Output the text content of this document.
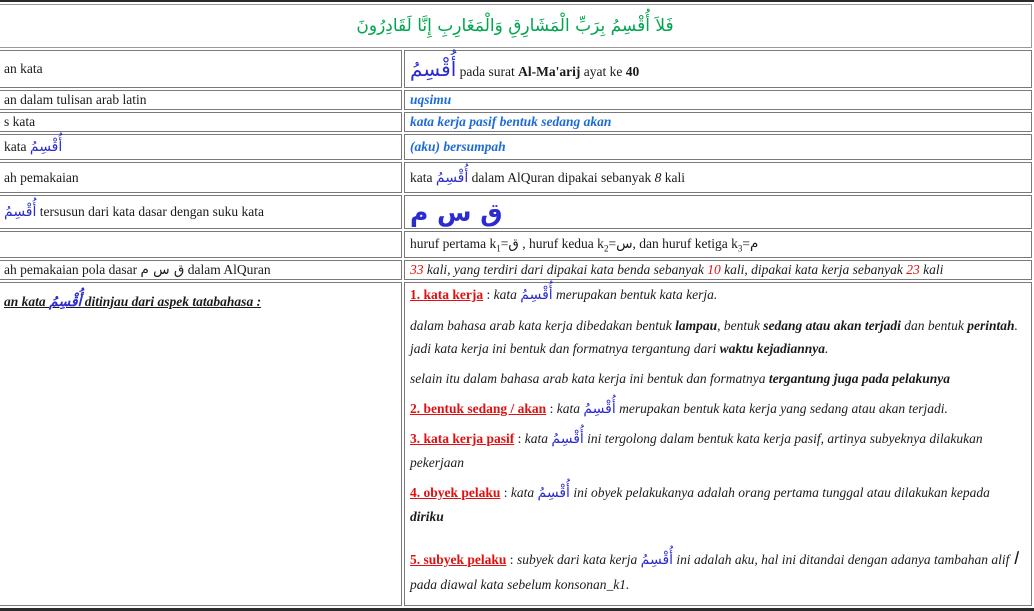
فَلاَ أُقْسِمُ بِرَبِّ الْمَشَارِقِ وَالْمَغَارِبِ إِنَّا لَقَادِرُونَ	
an kata	أُقْسِمُ pada surat Al-Ma'arij ayat ke 40
an dalam tulisan arab latin	uqsimu
s kata	kata kerja pasif bentuk sedang akan
kata أُقْسِمُ	(aku) bersumpah
ah pemakaian	kata أُقْسِمُ dalam AlQuran dipakai sebanyak 8 kali
أُقْسِمُ tersusun dari kata dasar dengan suku kata	ق س م
	huruf pertama $k_1=ق$ , huruf kedua $k_2=س$, dan huruf ketiga $k_3=م$
ah pemakaian pola dasar ق س م dalam AlQuran	33 kali, yang terdiri dari dipakai kata benda sebanyak 10 kali, dipakai kata kerja sebanyak 23 kali

an kata أُقْسِمُ ditinjau dari aspek tatabahasa :	1. kata kerja : kata أُقْسِمُ merupakan bentuk kata kerja.

dalam bahasa arab kata kerja dibedakan bentuk lampau, bentuk sedang atau akan terjadi dan bentuk perintah. jadi kata kerja ini bentuk dan formatnya tergantung dari waktu kejadiannya.

selain itu dalam bahasa arab kata kerja ini bentuk dan formatnya tergantung juga pada pelakunya

2. bentuk sedang / akan : kata أُقْسِمُ merupakan bentuk kata kerja yang sedang atau akan terjadi.

3. kata kerja pasif : kata أُقْسِمُ ini tergolong dalam bentuk kata kerja pasif, artinya subyeknya dilakukan pekerjaan

4. obyek pelaku : kata أُقْسِمُ ini obyek pelakukanya adalah orang pertama tunggal atau dilakukan kepada diriku

5. subyek pelaku : subyek dari kata kerja أُقْسِمُ ini adalah aku, hal ini ditandai dengan adanya tambahan alif ا pada diawal kata sebelum konsonan_k1.
